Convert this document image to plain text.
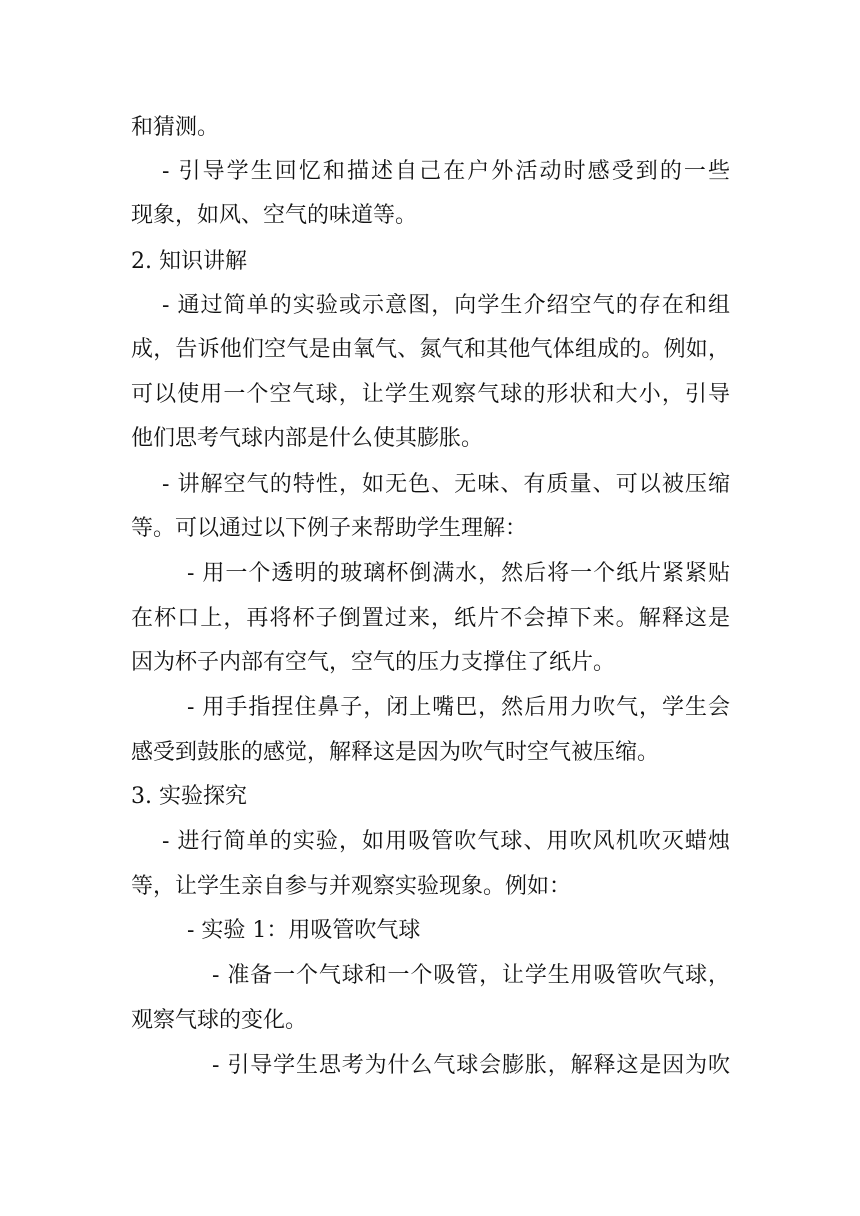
和猜测。
- 引导学生回忆和描述自己在户外活动时感受到的一些
现象，如风、空气的味道等。
2. 知识讲解
- 通过简单的实验或示意图，向学生介绍空气的存在和组
成，告诉他们空气是由氧气、氮气和其他气体组成的。例如，
可以使用一个空气球，让学生观察气球的形状和大小，引导
他们思考气球内部是什么使其膨胀。
- 讲解空气的特性，如无色、无味、有质量、可以被压缩
等。可以通过以下例子来帮助学生理解：
- 用一个透明的玻璃杯倒满水，然后将一个纸片紧紧贴
在杯口上，再将杯子倒置过来，纸片不会掉下来。解释这是
因为杯子内部有空气，空气的压力支撑住了纸片。
- 用手指捏住鼻子，闭上嘴巴，然后用力吹气，学生会
感受到鼓胀的感觉，解释这是因为吹气时空气被压缩。
3. 实验探究
- 进行简单的实验，如用吸管吹气球、用吹风机吹灭蜡烛
等，让学生亲自参与并观察实验现象。例如：
- 实验 1：用吸管吹气球
- 准备一个气球和一个吸管，让学生用吸管吹气球，
观察气球的变化。
- 引导学生思考为什么气球会膨胀，解释这是因为吹
